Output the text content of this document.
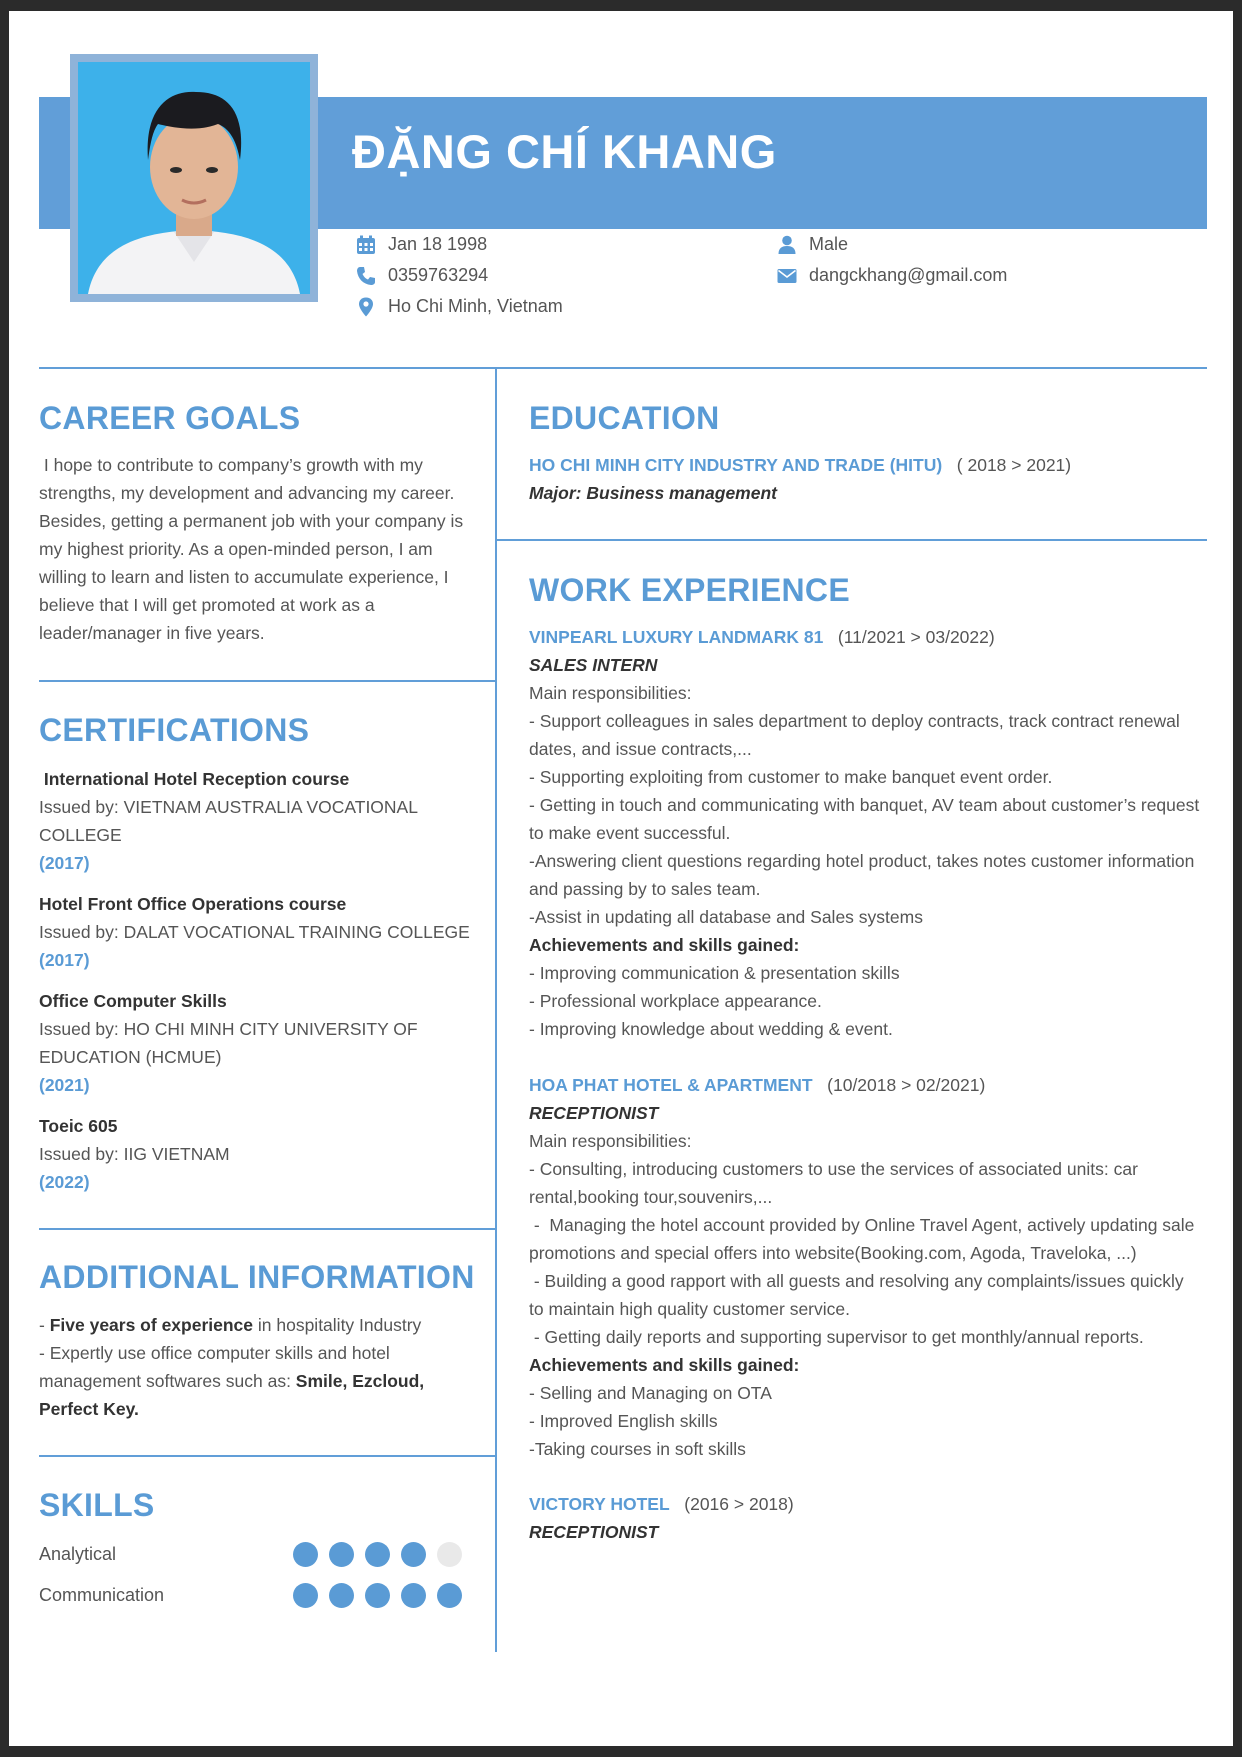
ĐẶNG CHÍ KHANG
Jan 18 1998
0359763294
Ho Chi Minh, Vietnam
Male
dangckhang@gmail.com
CAREER GOALS
I hope to contribute to company’s growth with my
strengths, my development and advancing my career.
Besides, getting a permanent job with your company is
my highest priority. As a open-minded person, I am
willing to learn and listen to accumulate experience, I
believe that I will get promoted at work as a
leader/manager in five years.
CERTIFICATIONS
International Hotel Reception course
Issued by: VIETNAM AUSTRALIA VOCATIONAL
COLLEGE
(2017)
Hotel Front Office Operations course
Issued by: DALAT VOCATIONAL TRAINING COLLEGE
(2017)
Office Computer Skills
Issued by: HO CHI MINH CITY UNIVERSITY OF
EDUCATION (HCMUE)
(2021)
Toeic 605
Issued by: IIG VIETNAM
(2022)
ADDITIONAL INFORMATION
- Five years of experience in hospitality Industry
- Expertly use office computer skills and hotel
management softwares such as: Smile, Ezcloud,
Perfect Key.
SKILLS
Analytical
Communication
EDUCATION
HO CHI MINH CITY INDUSTRY AND TRADE (HITU) ( 2018 > 2021)
Major: Business management
WORK EXPERIENCE
VINPEARL LUXURY LANDMARK 81 (11/2021 > 03/2022)
SALES INTERN
Main responsibilities:
- Support colleagues in sales department to deploy contracts, track contract renewal
dates, and issue contracts,...
- Supporting exploiting from customer to make banquet event order.
- Getting in touch and communicating with banquet, AV team about customer’s request
to make event successful.
-Answering client questions regarding hotel product, takes notes customer information
and passing by to sales team.
-Assist in updating all database and Sales systems
Achievements and skills gained:
- Improving communication & presentation skills
- Professional workplace appearance.
- Improving knowledge about wedding & event.
HOA PHAT HOTEL & APARTMENT (10/2018 > 02/2021)
RECEPTIONIST
Main responsibilities:
- Consulting, introducing customers to use the services of associated units: car
rental,booking tour,souvenirs,...
-  Managing the hotel account provided by Online Travel Agent, actively updating sale
promotions and special offers into website(Booking.com, Agoda, Traveloka, ...)
- Building a good rapport with all guests and resolving any complaints/issues quickly
to maintain high quality customer service.
- Getting daily reports and supporting supervisor to get monthly/annual reports.
Achievements and skills gained:
- Selling and Managing on OTA
- Improved English skills
-Taking courses in soft skills
VICTORY HOTEL (2016 > 2018)
RECEPTIONIST
